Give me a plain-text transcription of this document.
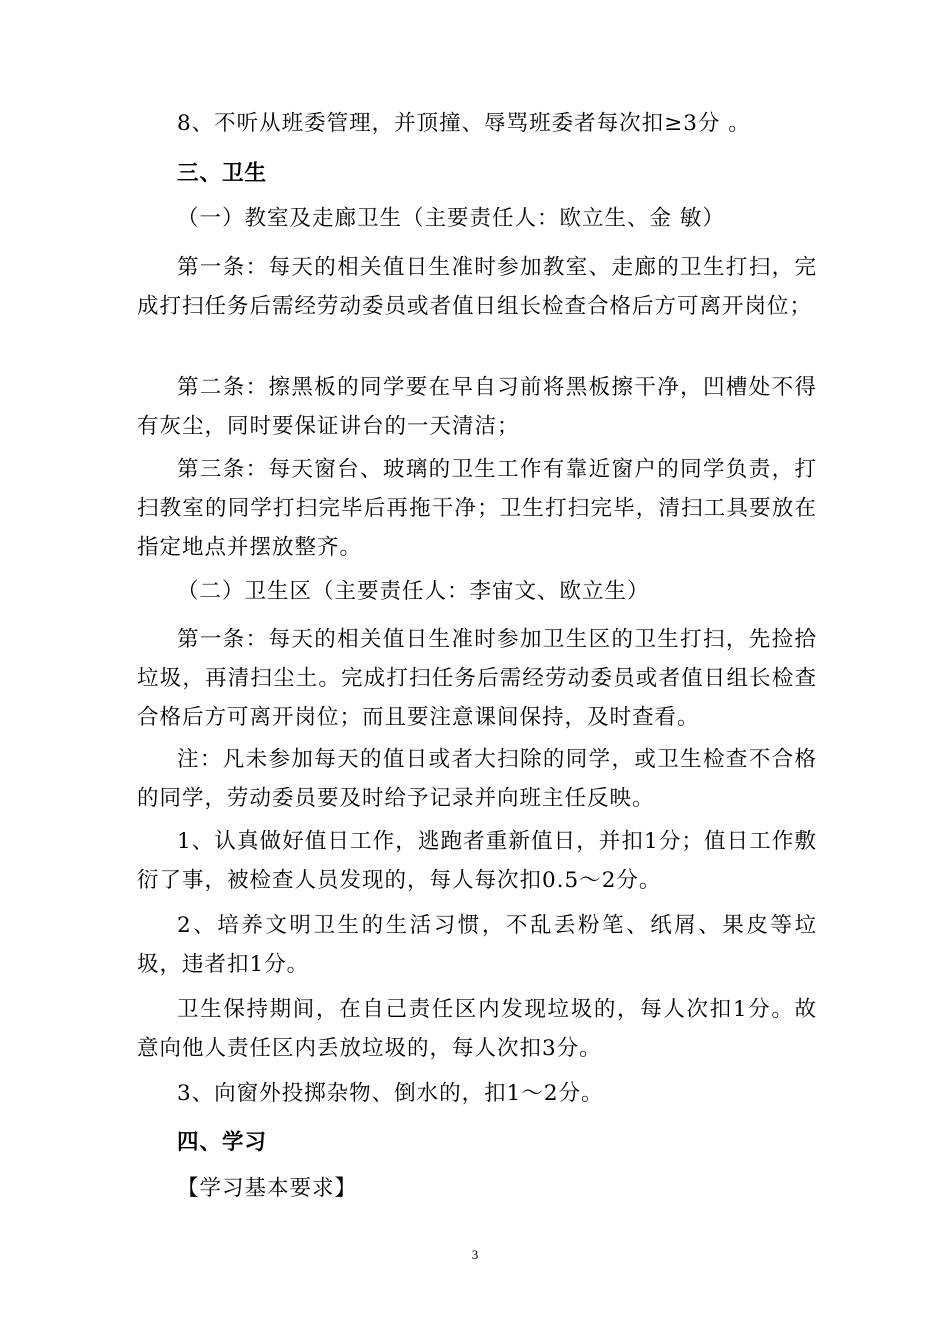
8、不听从班委管理，并顶撞、辱骂班委者每次扣≥3分 。
三、卫生
（一）教室及走廊卫生（主要责任人：欧立生、金 敏）
第一条：每天的相关值日生准时参加教室、走廊的卫生打扫，完成打扫任务后需经劳动委员或者值日组长检查合格后方可离开岗位；
第二条：擦黑板的同学要在早自习前将黑板擦干净，凹槽处不得有灰尘，同时要保证讲台的一天清洁；
第三条：每天窗台、玻璃的卫生工作有靠近窗户的同学负责，打扫教室的同学打扫完毕后再拖干净；卫生打扫完毕，清扫工具要放在指定地点并摆放整齐。
（二）卫生区（主要责任人：李宙文、欧立生）
第一条：每天的相关值日生准时参加卫生区的卫生打扫，先捡拾垃圾，再清扫尘土。完成打扫任务后需经劳动委员或者值日组长检查合格后方可离开岗位；而且要注意课间保持，及时查看。
注：凡未参加每天的值日或者大扫除的同学，或卫生检查不合格的同学，劳动委员要及时给予记录并向班主任反映。
1、认真做好值日工作，逃跑者重新值日，并扣1分；值日工作敷衍了事，被检查人员发现的，每人每次扣0.5～2分。
2、培养文明卫生的生活习惯，不乱丢粉笔、纸屑、果皮等垃圾，违者扣1分。
卫生保持期间，在自己责任区内发现垃圾的，每人次扣1分。故意向他人责任区内丢放垃圾的，每人次扣3分。
3、向窗外投掷杂物、倒水的，扣1～2分。
四、学习
【学习基本要求】
3
